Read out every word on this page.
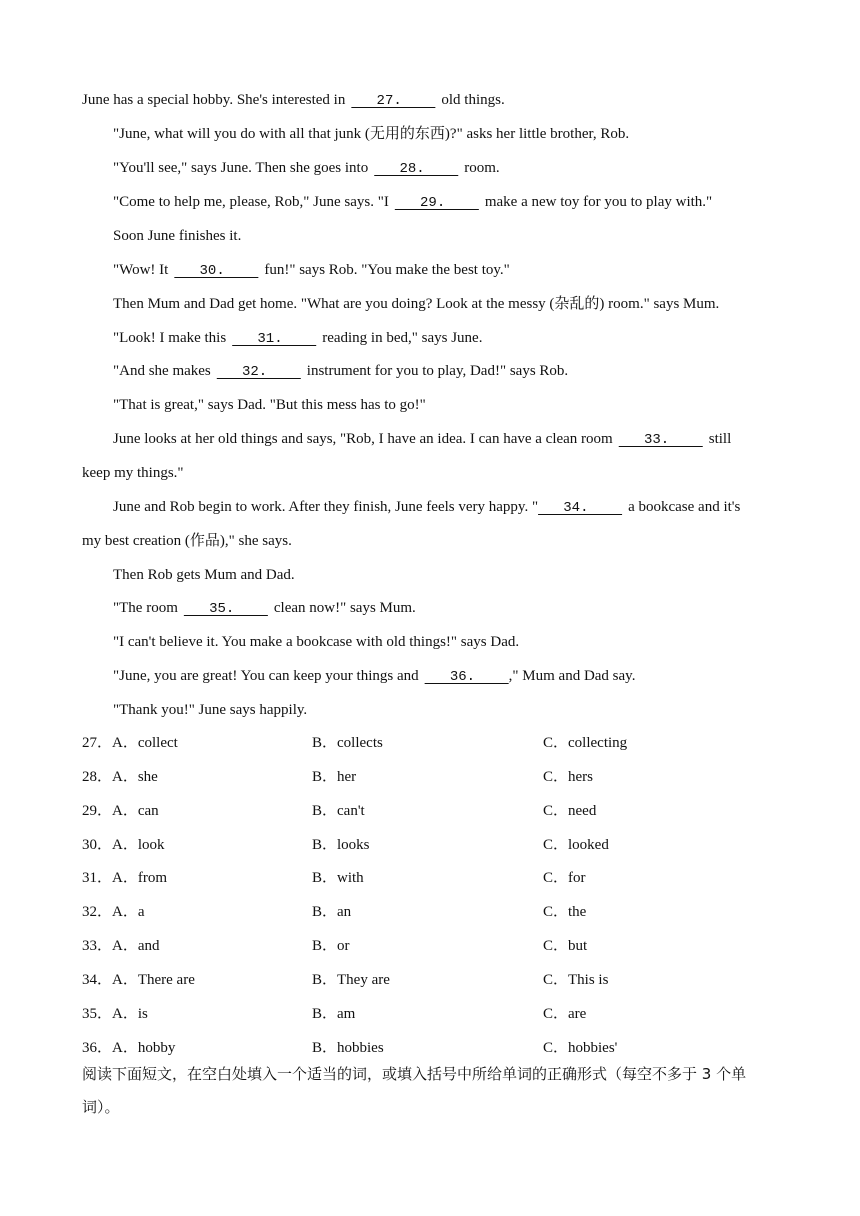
June has a special hobby. She's interested in   27.    old things.
"June, what will you do with all that junk (无用的东西)?" asks her little brother, Rob.
"You'll see," says June. Then she goes into   28.    room.
"Come to help me, please, Rob," June says. "I   29.    make a new toy for you to play with."
Soon June finishes it.
"Wow! It   30.    fun!" says Rob. "You make the best toy."
Then Mum and Dad get home. "What are you doing? Look at the messy (杂乱的) room." says Mum.
"Look! I make this   31.    reading in bed," says June.
"And she makes   32.    instrument for you to play, Dad!" says Rob.
"That is great," says Dad. "But this mess has to go!"
June looks at her old things and says, "Rob, I have an idea. I can have a clean room   33.    still
keep my things."
June and Rob begin to work. After they finish, June feels very happy. "   34.    a bookcase and it's
my best creation (作品)," she says.
Then Rob gets Mum and Dad.
"The room   35.    clean now!" says Mum.
"I can't believe it. You make a bookcase with old things!" says Dad.
"June, you are great! You can keep your things and   36.    ," Mum and Dad say.
"Thank you!" June says happily.
27．A．collect	B．collects	C．collecting
28．A．she	B．her	C．hers
29．A．can	B．can't	C．need
30．A．look	B．looks	C．looked
31．A．from	B．with	C．for
32．A．a	B．an	C．the
33．A．and	B．or	C．but
34．A．There are	B．They are	C．This is
35．A．is	B．am	C．are
36．A．hobby	B．hobbies	C．hobbies'
阅读下面短文，在空白处填入一个适当的词，或填入括号中所给单词的正确形式（每空不多于 3 个单词）。
